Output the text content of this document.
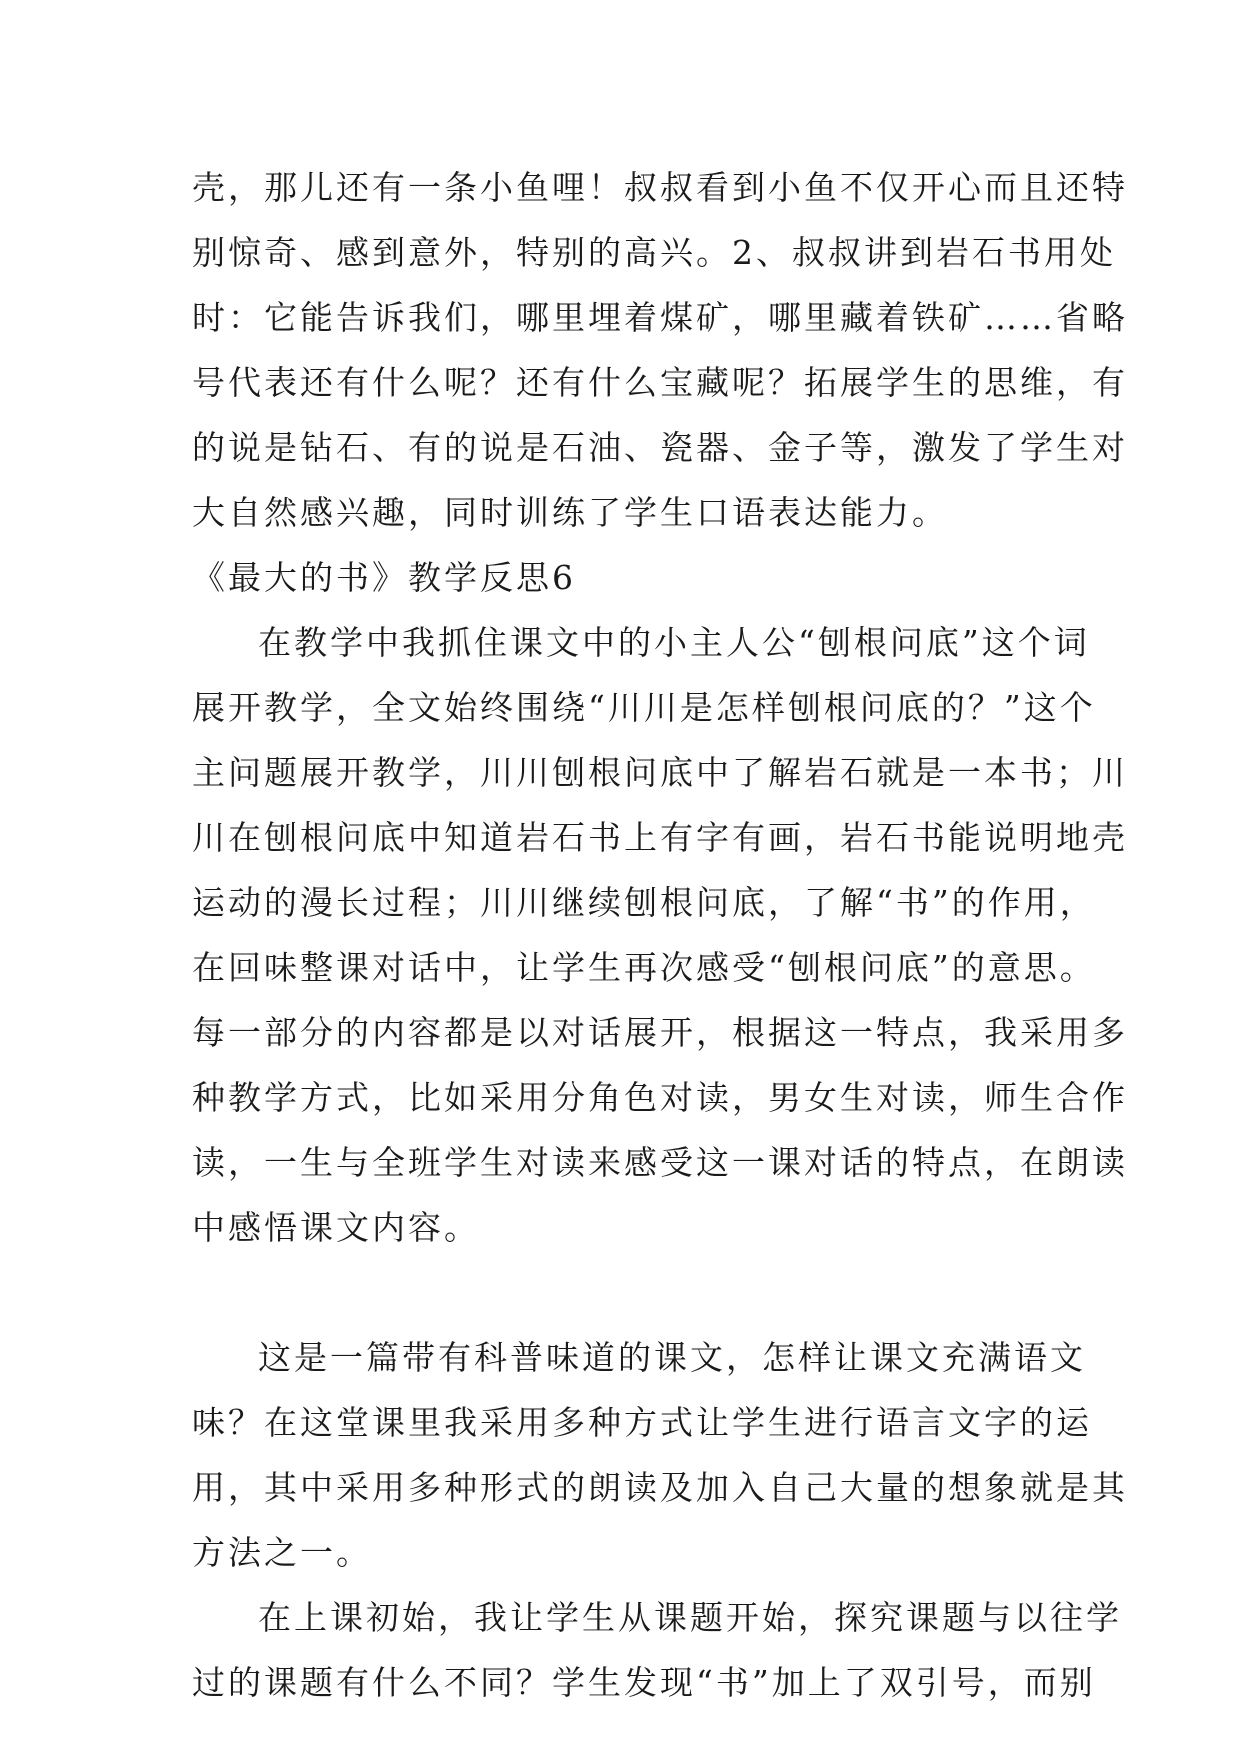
壳，那儿还有一条小鱼哩！叔叔看到小鱼不仅开心而且还特
别惊奇、感到意外，特别的高兴。2、叔叔讲到岩石书用处
时：它能告诉我们，哪里埋着煤矿，哪里藏着铁矿……省略
号代表还有什么呢？还有什么宝藏呢？拓展学生的思维，有
的说是钻石、有的说是石油、瓷器、金子等，激发了学生对
大自然感兴趣，同时训练了学生口语表达能力。
《最大的书》教学反思6
在教学中我抓住课文中的小主人公“刨根问底”这个词
展开教学，全文始终围绕“川川是怎样刨根问底的？”这个
主问题展开教学，川川刨根问底中了解岩石就是一本书；川
川在刨根问底中知道岩石书上有字有画，岩石书能说明地壳
运动的漫长过程；川川继续刨根问底，了解“书”的作用，
在回味整课对话中，让学生再次感受“刨根问底”的意思。
每一部分的内容都是以对话展开，根据这一特点，我采用多
种教学方式，比如采用分角色对读，男女生对读，师生合作
读，一生与全班学生对读来感受这一课对话的特点，在朗读
中感悟课文内容。
这是一篇带有科普味道的课文，怎样让课文充满语文
味？在这堂课里我采用多种方式让学生进行语言文字的运
用，其中采用多种形式的朗读及加入自己大量的想象就是其
方法之一。
在上课初始，我让学生从课题开始，探究课题与以往学
过的课题有什么不同？学生发现“书”加上了双引号，而别
